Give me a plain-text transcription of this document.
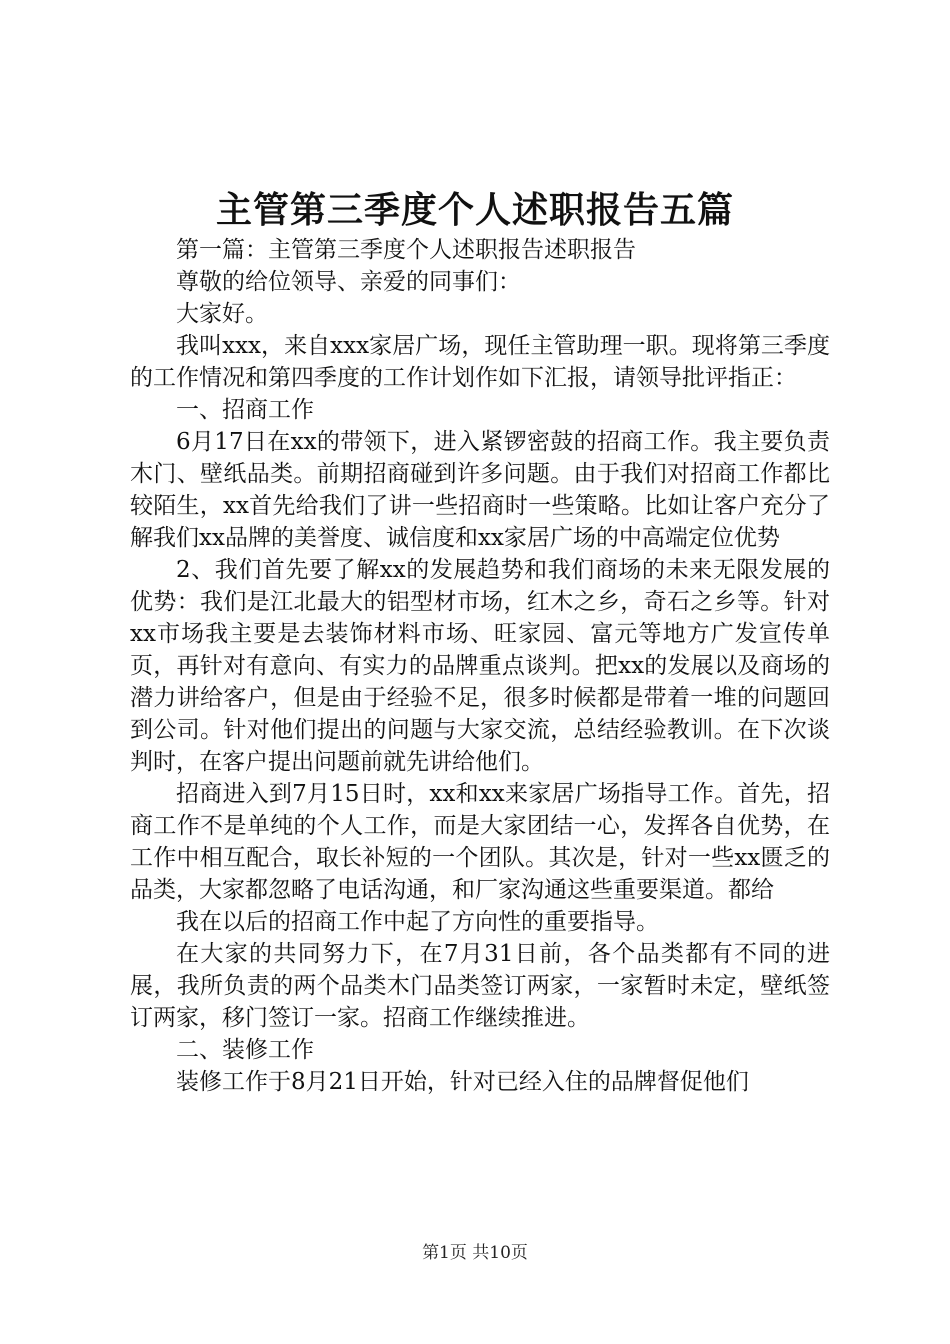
主管第三季度个人述职报告五篇

第一篇：主管第三季度个人述职报告述职报告

尊敬的给位领导、亲爱的同事们：

大家好。

我叫xxx，来自xxx家居广场，现任主管助理一职。现将第三季度的工作情况和第四季度的工作计划作如下汇报，请领导批评指正：

一、招商工作

6月17日在xx的带领下，进入紧锣密鼓的招商工作。我主要负责木门、壁纸品类。前期招商碰到许多问题。由于我们对招商工作都比较陌生，xx首先给我们了讲一些招商时一些策略。比如让客户充分了解我们xx品牌的美誉度、诚信度和xx家居广场的中高端定位优势

2、我们首先要了解xx的发展趋势和我们商场的未来无限发展的优势：我们是江北最大的铝型材市场，红木之乡，奇石之乡等。针对xx市场我主要是去装饰材料市场、旺家园、富元等地方广发宣传单页，再针对有意向、有实力的品牌重点谈判。把xx的发展以及商场的潜力讲给客户，但是由于经验不足，很多时候都是带着一堆的问题回到公司。针对他们提出的问题与大家交流，总结经验教训。在下次谈判时，在客户提出问题前就先讲给他们。

招商进入到7月15日时，xx和xx来家居广场指导工作。首先，招商工作不是单纯的个人工作，而是大家团结一心，发挥各自优势，在工作中相互配合，取长补短的一个团队。其次是，针对一些xx匮乏的品类，大家都忽略了电话沟通，和厂家沟通这些重要渠道。都给

我在以后的招商工作中起了方向性的重要指导。

在大家的共同努力下，在7月31日前，各个品类都有不同的进展，我所负责的两个品类木门品类签订两家，一家暂时未定，壁纸签订两家，移门签订一家。招商工作继续推进。

二、装修工作

装修工作于8月21日开始，针对已经入住的品牌督促他们

第1页 共10页
